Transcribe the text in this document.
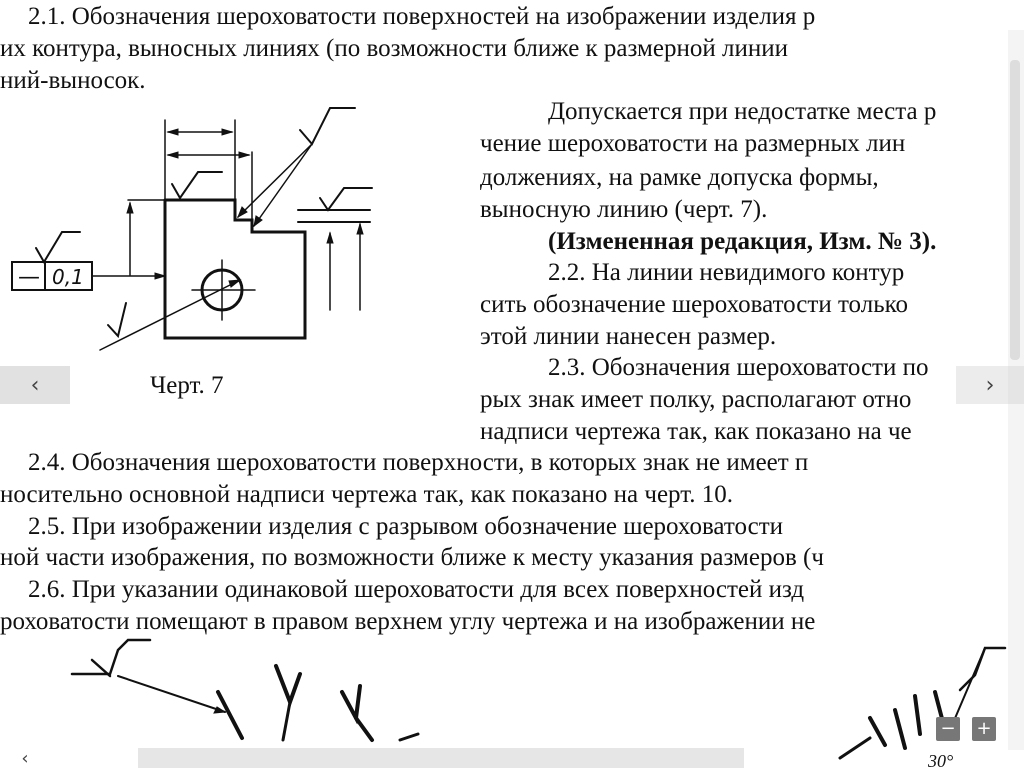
2.1. Обозначения шероховатости поверхностей на изображении изделия р
их контура, выносных линиях (по возможности ближе к размерной линии
ний-выносок.
Допускается при недостатке места р
чение шероховатости на размерных лин
должениях, на рамке допуска формы,
выносную линию (черт. 7).
(Измененная редакция, Изм. № 3).
2.2. На линии невидимого контур
сить обозначение шероховатости только
этой линии нанесен размер.
2.3. Обозначения шероховатости по
рых знак имеет полку, располагают отно
надписи чертежа так, как показано на че
2.4. Обозначения шероховатости поверхности, в которых знак не имеет п
носительно основной надписи чертежа так, как показано на черт. 10.
2.5. При изображении изделия с разрывом обозначение шероховатости
ной части изображения, по возможности ближе к месту указания размеров (ч
2.6. При указании одинаковой шероховатости для всех поверхностей изд
роховатости помещают в правом верхнем углу чертежа и на изображении не
— 0,1
Черт. 7
30°
‹	›
‹
− +
